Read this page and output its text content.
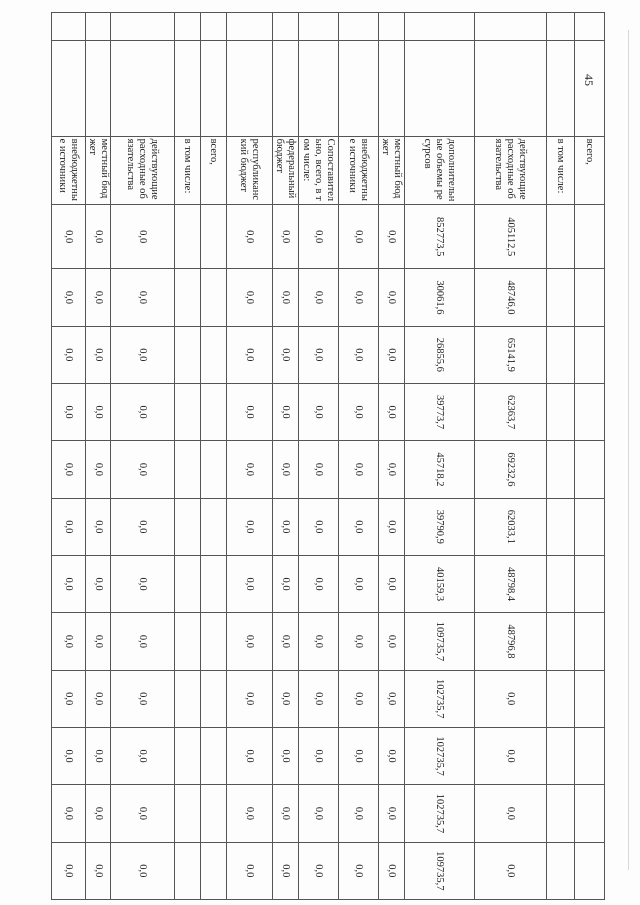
45
		всего,												
		в том числе:												
		действующие расходные обязательства	405112,5	48746,0	65141,9	62363,7	69232,6	62033,1	48798,4	48796,8	0,0	0,0	0,0	0,0
		дополнительные объемы ресурсов	852773,5	30061,6	26855,6	39773,7	45718,2	39790,9	40159,3	109735,7	102735,7	102735,7	102735,7	109735,7
		местный бюджет	0,0	0,0	0,0	0,0	0,0	0,0	0,0	0,0	0,0	0,0	0,0	0,0
		внебюджетные источники	0,0	0,0	0,0	0,0	0,0	0,0	0,0	0,0	0,0	0,0	0,0	0,0
		Сопоставительно, всего, в том числе:	0,0	0,0	0,0	0,0	0,0	0,0	0,0	0,0	0,0	0,0	0,0	0,0
		федеральный бюджет	0,0	0,0	0,0	0,0	0,0	0,0	0,0	0,0	0,0	0,0	0,0	0,0
		республиканский бюджет	0,0	0,0	0,0	0,0	0,0	0,0	0,0	0,0	0,0	0,0	0,0	0,0
		всего,												
		в том числе:												
		действующие расходные обязательства	0,0	0,0	0,0	0,0	0,0	0,0	0,0	0,0	0,0	0,0	0,0	0,0
		местный бюджет	0,0	0,0	0,0	0,0	0,0	0,0	0,0	0,0	0,0	0,0	0,0	0,0
		внебюджетные источники	0,0	0,0	0,0	0,0	0,0	0,0	0,0	0,0	0,0	0,0	0,0	0,0
